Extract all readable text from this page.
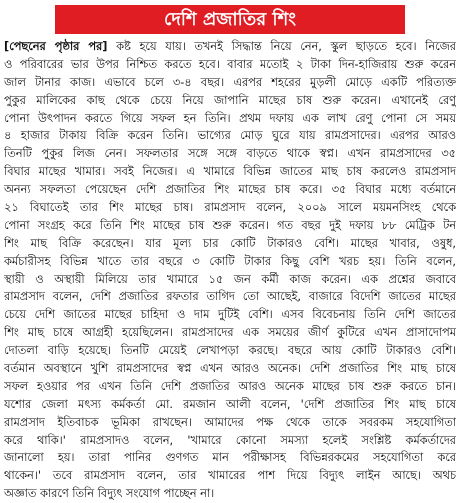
দেশি প্রজাতির শিং
[পেছনের পৃষ্ঠার পর] কষ্ট হয়ে যায়। তখনই সিদ্ধান্ত নিয়ে নেন, স্কুল ছাড়তে হবে। নিজের
ও পরিবারের ভার উপর নিশ্চিত করতে হবে। বাবার মতোই ২ টাকা দিন-হাজিরায় শুরু করেন
জাল টানার কাজ। এভাবে চলে ৩-৪ বছর। এরপর শহরের মুড়লী মোড়ে একটি পরিত্যক্ত
পুকুর মালিকের কাছ থেকে চেয়ে নিয়ে জাপানি মাছের চাষ শুরু করেন। এখানেই রেণু
পোনা উৎপাদন করতে গিয়ে সফল হন তিনি। প্রথম দফায় এক লাখ রেণু পোনা সে সময়
৪ হাজার টাকায় বিক্রি করেন তিনি। ভাগ্যের মোড় ঘুরে যায় রামপ্রসাদের। এরপর আরও
তিনটি পুকুর লিজ নেন। সফলতার সঙ্গে সঙ্গে বাড়তে থাকে স্বপ্ন। এখন রামপ্রসাদের ৩৫
বিঘার মাছের খামার। সবই নিজের। এ খামারে বিভিন্ন জাতের মাছ চাষ করলেও রামপ্রসাদ
অনন্য সফলতা পেয়েছেন দেশি প্রজাতির শিং মাছের চাষ করে। ৩৫ বিঘার মধ্যে বর্তমানে
২১ বিঘাতেই তার শিং মাছের চাষ। রামপ্রসাদ বলেন, ২০০৯ সালে ময়মনসিংহ থেকে
পোনা সংগ্রহ করে তিনি শিং মাছের চাষ শুরু করেন। গত বছর দুই দফায় ৮৮ মেট্রিক টন
শিং মাছ বিক্রি করেছেন। যার মূল্য চার কোটি টাকারও বেশি। মাছের খাবার, ওষুধ,
কর্মচারীসহ বিভিন্ন খাতে তার বছরে ৩ কোটি টাকার কিছু বেশি খরচ হয়। তিনি বলেন,
স্থায়ী ও অস্থায়ী মিলিয়ে তার খামারে ১৫ জন কর্মী কাজ করেন। এক প্রশ্নের জবাবে
রামপ্রসাদ বলেন, দেশি প্রজাতির রফতার তাগিদ তো আছেই, বাজারে বিদেশি জাতের মাছের
চেয়ে দেশি জাতের মাছের চাহিদা ও দাম দুটিই বেশি। এসব বিবেচনায় তিনি দেশি জাতের
শিং মাছ চাষে আগ্রহী হয়েছিলেন। রামপ্রসাদের এক সময়ের জীর্ণ কুটিরে এখন প্রাসাদোপম
দোতলা বাড়ি হয়েছে। তিনটি মেয়েই লেখাপড়া করছে। বছরে আয় কোটি টাকারও বেশি।
বর্তমান অবস্থানে খুশি রামপ্রসাদের স্বপ্ন এখন আরও অনেক। দেশি প্রজাতির শিং মাছ চাষে
সফল হওয়ার পর এখন তিনি দেশি প্রজাতির আরও অনেক মাছের চাষ শুরু করতে চান।
যশোর জেলা মৎস্য কর্মকর্তা মো. রমজান আলী বলেন, 'দেশি প্রজাতির শিং মাছ চাষে
রামপ্রসাদ ইতিবাচক ভূমিকা রাখছেন। আমাদের পক্ষ থেকে তাকে সবরকম সহযোগিতা
করে থাকি।' রামপ্রসাদও বলেন, 'খামারে কোনো সমস্যা হলেই সংশ্লিষ্ট কর্মকর্তাদের
জানালো হয়। তারা পানির গুণগত মান পরীক্ষাসহ বিভিন্নরকমের সহযোগিতা করে
থাকেন।' তবে রামপ্রসাদ বলেন, তার খামারের পাশ দিয়ে বিদ্যুৎ লাইন আছে। অথচ
অজ্ঞাত কারণে তিনি বিদ্যুৎ সংযোগ পাচ্ছেন না।
